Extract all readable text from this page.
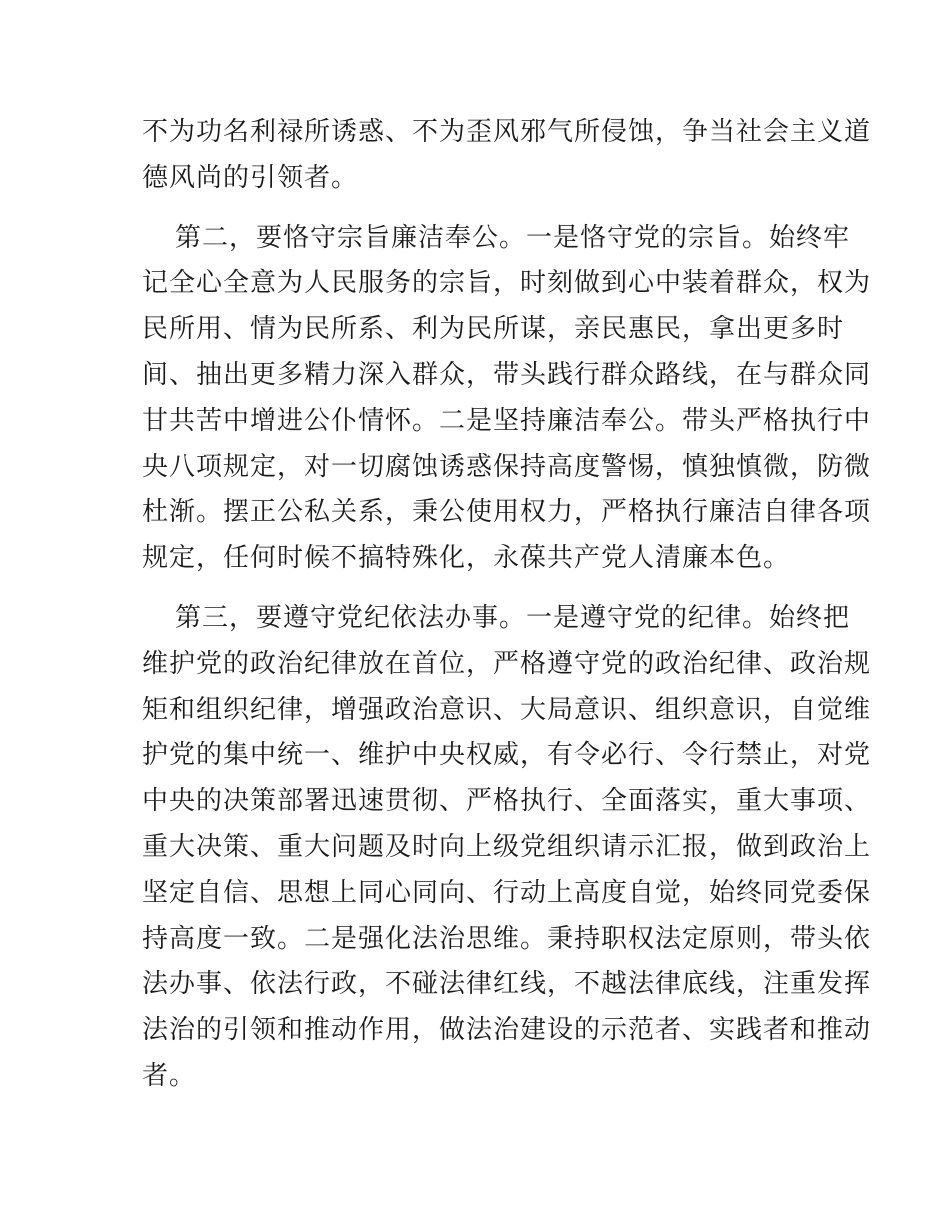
不为功名利禄所诱惑、不为歪风邪气所侵蚀，争当社会主义道
德风尚的引领者。
第二，要恪守宗旨廉洁奉公。一是恪守党的宗旨。始终牢
记全心全意为人民服务的宗旨，时刻做到心中装着群众，权为
民所用、情为民所系、利为民所谋，亲民惠民，拿出更多时
间、抽出更多精力深入群众，带头践行群众路线，在与群众同
甘共苦中增进公仆情怀。二是坚持廉洁奉公。带头严格执行中
央八项规定，对一切腐蚀诱惑保持高度警惕，慎独慎微，防微
杜渐。摆正公私关系，秉公使用权力，严格执行廉洁自律各项
规定，任何时候不搞特殊化，永葆共产党人清廉本色。
第三，要遵守党纪依法办事。一是遵守党的纪律。始终把
维护党的政治纪律放在首位，严格遵守党的政治纪律、政治规
矩和组织纪律，增强政治意识、大局意识、组织意识，自觉维
护党的集中统一、维护中央权威，有令必行、令行禁止，对党
中央的决策部署迅速贯彻、严格执行、全面落实，重大事项、
重大决策、重大问题及时向上级党组织请示汇报，做到政治上
坚定自信、思想上同心同向、行动上高度自觉，始终同党委保
持高度一致。二是强化法治思维。秉持职权法定原则，带头依
法办事、依法行政，不碰法律红线，不越法律底线，注重发挥
法治的引领和推动作用，做法治建设的示范者、实践者和推动
者。
